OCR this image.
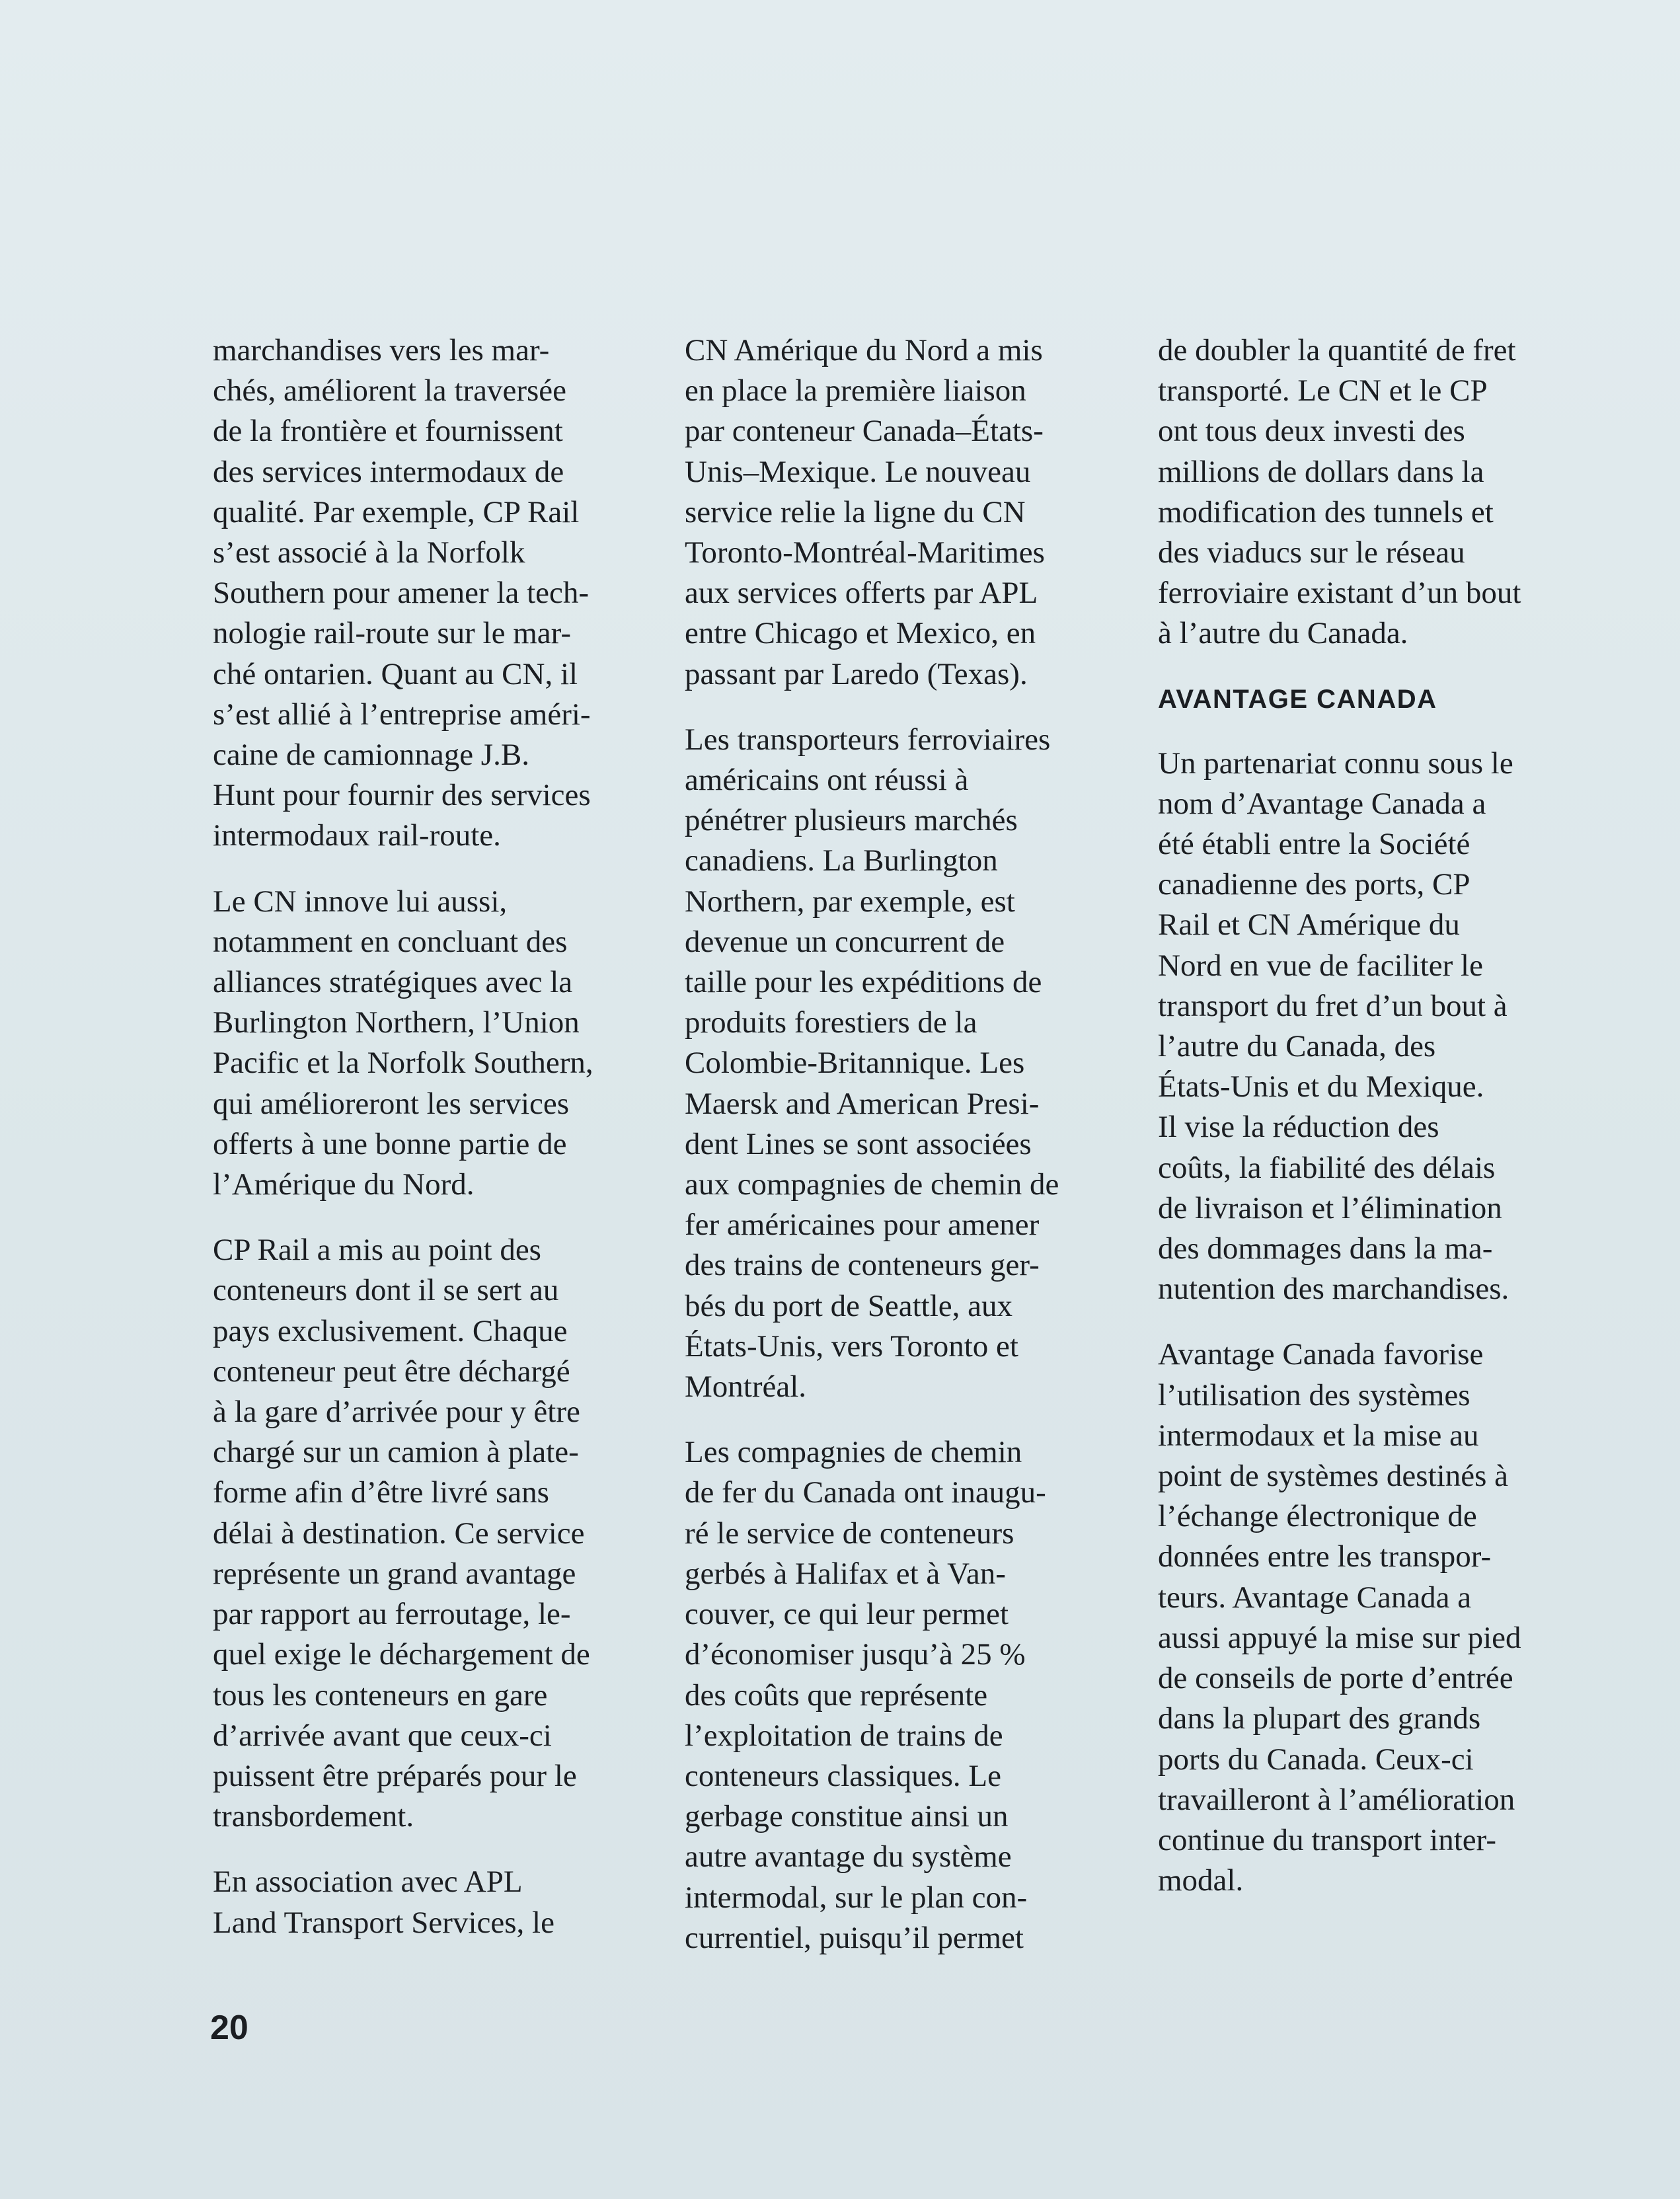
marchandises vers les mar-
chés, améliorent la traversée
de la frontière et fournissent
des services intermodaux de
qualité. Par exemple, CP Rail
s’est associé à la Norfolk
Southern pour amener la tech-
nologie rail-route sur le mar-
ché ontarien. Quant au CN, il
s’est allié à l’entreprise améri-
caine de camionnage J.B.
Hunt pour fournir des services
intermodaux rail-route.

Le CN innove lui aussi,
notamment en concluant des
alliances stratégiques avec la
Burlington Northern, l’Union
Pacific et la Norfolk Southern,
qui amélioreront les services
offerts à une bonne partie de
l’Amérique du Nord.

CP Rail a mis au point des
conteneurs dont il se sert au
pays exclusivement. Chaque
conteneur peut être déchargé
à la gare d’arrivée pour y être
chargé sur un camion à plate-
forme afin d’être livré sans
délai à destination. Ce service
représente un grand avantage
par rapport au ferroutage, le-
quel exige le déchargement de
tous les conteneurs en gare
d’arrivée avant que ceux-ci
puissent être préparés pour le
transbordement.

En association avec APL
Land Transport Services, le

CN Amérique du Nord a mis
en place la première liaison
par conteneur Canada–États-
Unis–Mexique. Le nouveau
service relie la ligne du CN
Toronto-Montréal-Maritimes
aux services offerts par APL
entre Chicago et Mexico, en
passant par Laredo (Texas).

Les transporteurs ferroviaires
américains ont réussi à
pénétrer plusieurs marchés
canadiens. La Burlington
Northern, par exemple, est
devenue un concurrent de
taille pour les expéditions de
produits forestiers de la
Colombie-Britannique. Les
Maersk and American Presi-
dent Lines se sont associées
aux compagnies de chemin de
fer américaines pour amener
des trains de conteneurs ger-
bés du port de Seattle, aux
États-Unis, vers Toronto et
Montréal.

Les compagnies de chemin
de fer du Canada ont inaugu-
ré le service de conteneurs
gerbés à Halifax et à Van-
couver, ce qui leur permet
d’économiser jusqu’à 25 %
des coûts que représente
l’exploitation de trains de
conteneurs classiques. Le
gerbage constitue ainsi un
autre avantage du système
intermodal, sur le plan con-
currentiel, puisqu’il permet

de doubler la quantité de fret
transporté. Le CN et le CP
ont tous deux investi des
millions de dollars dans la
modification des tunnels et
des viaducs sur le réseau
ferroviaire existant d’un bout
à l’autre du Canada.

AVANTAGE CANADA

Un partenariat connu sous le
nom d’Avantage Canada a
été établi entre la Société
canadienne des ports, CP
Rail et CN Amérique du
Nord en vue de faciliter le
transport du fret d’un bout à
l’autre du Canada, des
États-Unis et du Mexique.
Il vise la réduction des
coûts, la fiabilité des délais
de livraison et l’élimination
des dommages dans la ma-
nutention des marchandises.

Avantage Canada favorise
l’utilisation des systèmes
intermodaux et la mise au
point de systèmes destinés à
l’échange électronique de
données entre les transpor-
teurs. Avantage Canada a
aussi appuyé la mise sur pied
de conseils de porte d’entrée
dans la plupart des grands
ports du Canada. Ceux-ci
travailleront à l’amélioration
continue du transport inter-
modal.

20
